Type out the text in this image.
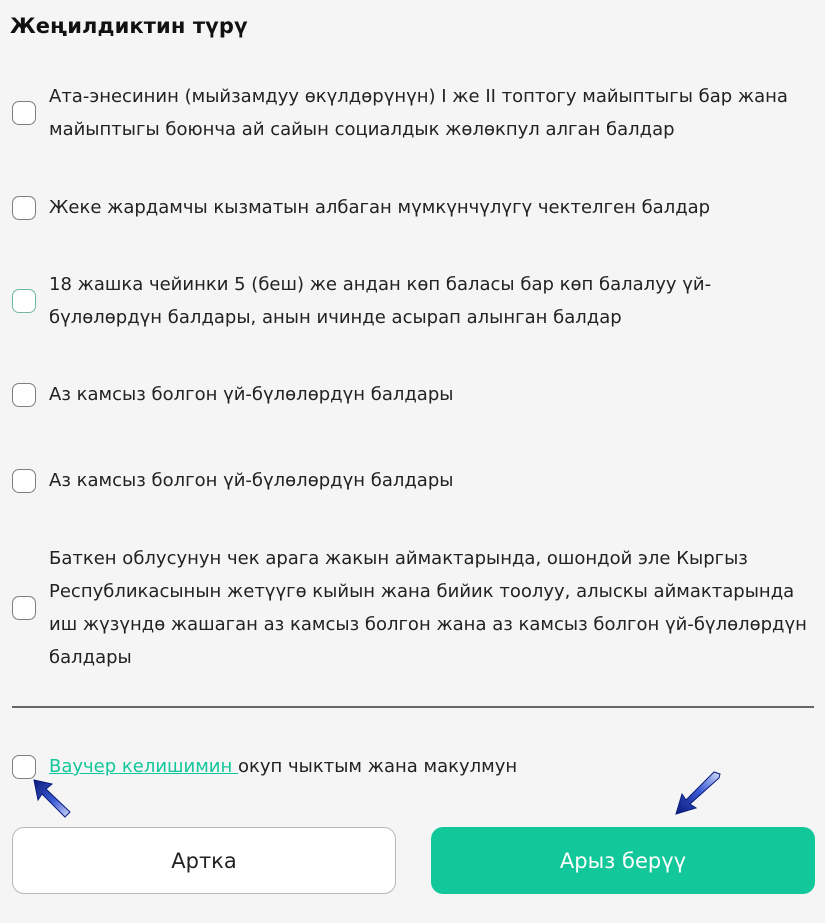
Жеңилдиктин түрү
Ата-энесинин (мыйзамдуу өкүлдөрүнүн) I же II топтогу майыптыгы бар жана майыптыгы боюнча ай сайын социалдык жөлөкпул алган балдар
Жеке жардамчы кызматын албаган мүмкүнчүлүгү чектелген балдар
18 жашка чейинки 5 (беш) же андан көп баласы бар көп балалуу үй-бүлөлөрдүн балдары, анын ичинде асырап алынган балдар
Аз камсыз болгон үй-бүлөлөрдүн балдары
Аз камсыз болгон үй-бүлөлөрдүн балдары
Баткен облусунун чек арага жакын аймактарында, ошондой эле Кыргыз Республикасынын жетүүгө кыйын жана бийик тоолуу, алыскы аймактарында иш жүзүндө жашаган аз камсыз болгон жана аз камсыз болгон үй-бүлөлөрдүн балдары
Ваучер келишимин окуп чыктым жана макулмун
Артка	Арыз берүү
